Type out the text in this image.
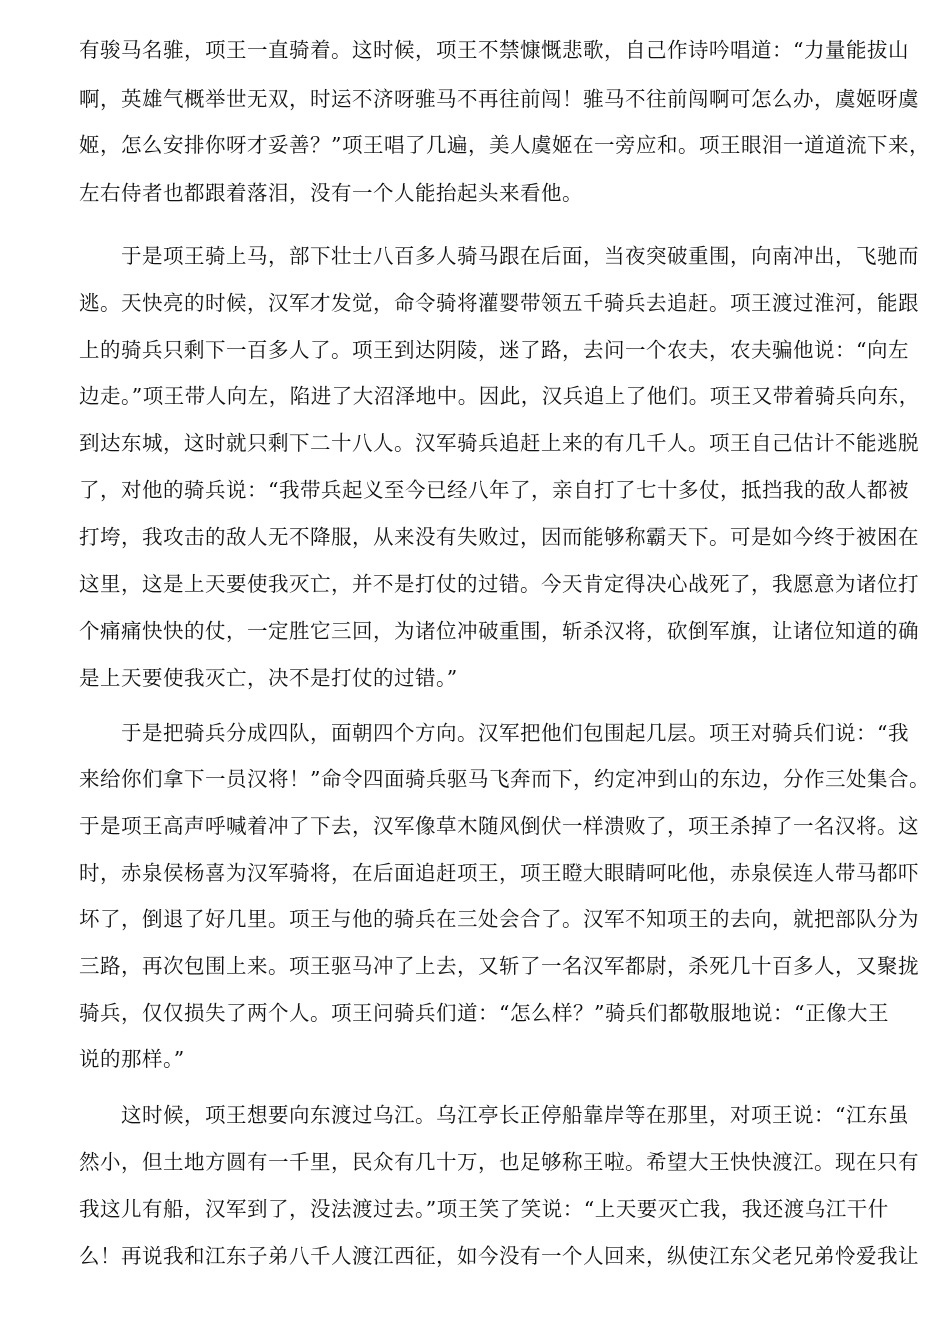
有骏马名骓，项王一直骑着。这时候，项王不禁慷慨悲歌，自己作诗吟唱道：“力量能拔山
啊，英雄气概举世无双，时运不济呀骓马不再往前闯！骓马不往前闯啊可怎么办，虞姬呀虞
姬，怎么安排你呀才妥善？”项王唱了几遍，美人虞姬在一旁应和。项王眼泪一道道流下来，
左右侍者也都跟着落泪，没有一个人能抬起头来看他。
于是项王骑上马，部下壮士八百多人骑马跟在后面，当夜突破重围，向南冲出，飞驰而
逃。天快亮的时候，汉军才发觉，命令骑将灌婴带领五千骑兵去追赶。项王渡过淮河，能跟
上的骑兵只剩下一百多人了。项王到达阴陵，迷了路，去问一个农夫，农夫骗他说：“向左
边走。”项王带人向左，陷进了大沼泽地中。因此，汉兵追上了他们。项王又带着骑兵向东，
到达东城，这时就只剩下二十八人。汉军骑兵追赶上来的有几千人。项王自己估计不能逃脱
了，对他的骑兵说：“我带兵起义至今已经八年了，亲自打了七十多仗，抵挡我的敌人都被
打垮，我攻击的敌人无不降服，从来没有失败过，因而能够称霸天下。可是如今终于被困在
这里，这是上天要使我灭亡，并不是打仗的过错。今天肯定得决心战死了，我愿意为诸位打
个痛痛快快的仗，一定胜它三回，为诸位冲破重围，斩杀汉将，砍倒军旗，让诸位知道的确
是上天要使我灭亡，决不是打仗的过错。”
于是把骑兵分成四队，面朝四个方向。汉军把他们包围起几层。项王对骑兵们说：“我
来给你们拿下一员汉将！”命令四面骑兵驱马飞奔而下，约定冲到山的东边，分作三处集合。
于是项王高声呼喊着冲了下去，汉军像草木随风倒伏一样溃败了，项王杀掉了一名汉将。这
时，赤泉侯杨喜为汉军骑将，在后面追赶项王，项王瞪大眼睛呵叱他，赤泉侯连人带马都吓
坏了，倒退了好几里。项王与他的骑兵在三处会合了。汉军不知项王的去向，就把部队分为
三路，再次包围上来。项王驱马冲了上去，又斩了一名汉军都尉，杀死几十百多人，又聚拢
骑兵，仅仅损失了两个人。项王问骑兵们道：“怎么样？”骑兵们都敬服地说：“正像大王
说的那样。”
这时候，项王想要向东渡过乌江。乌江亭长正停船靠岸等在那里，对项王说：“江东虽
然小，但土地方圆有一千里，民众有几十万，也足够称王啦。希望大王快快渡江。现在只有
我这儿有船，汉军到了，没法渡过去。”项王笑了笑说：“上天要灭亡我，我还渡乌江干什
么！再说我和江东子弟八千人渡江西征，如今没有一个人回来，纵使江东父老兄弟怜爱我让
